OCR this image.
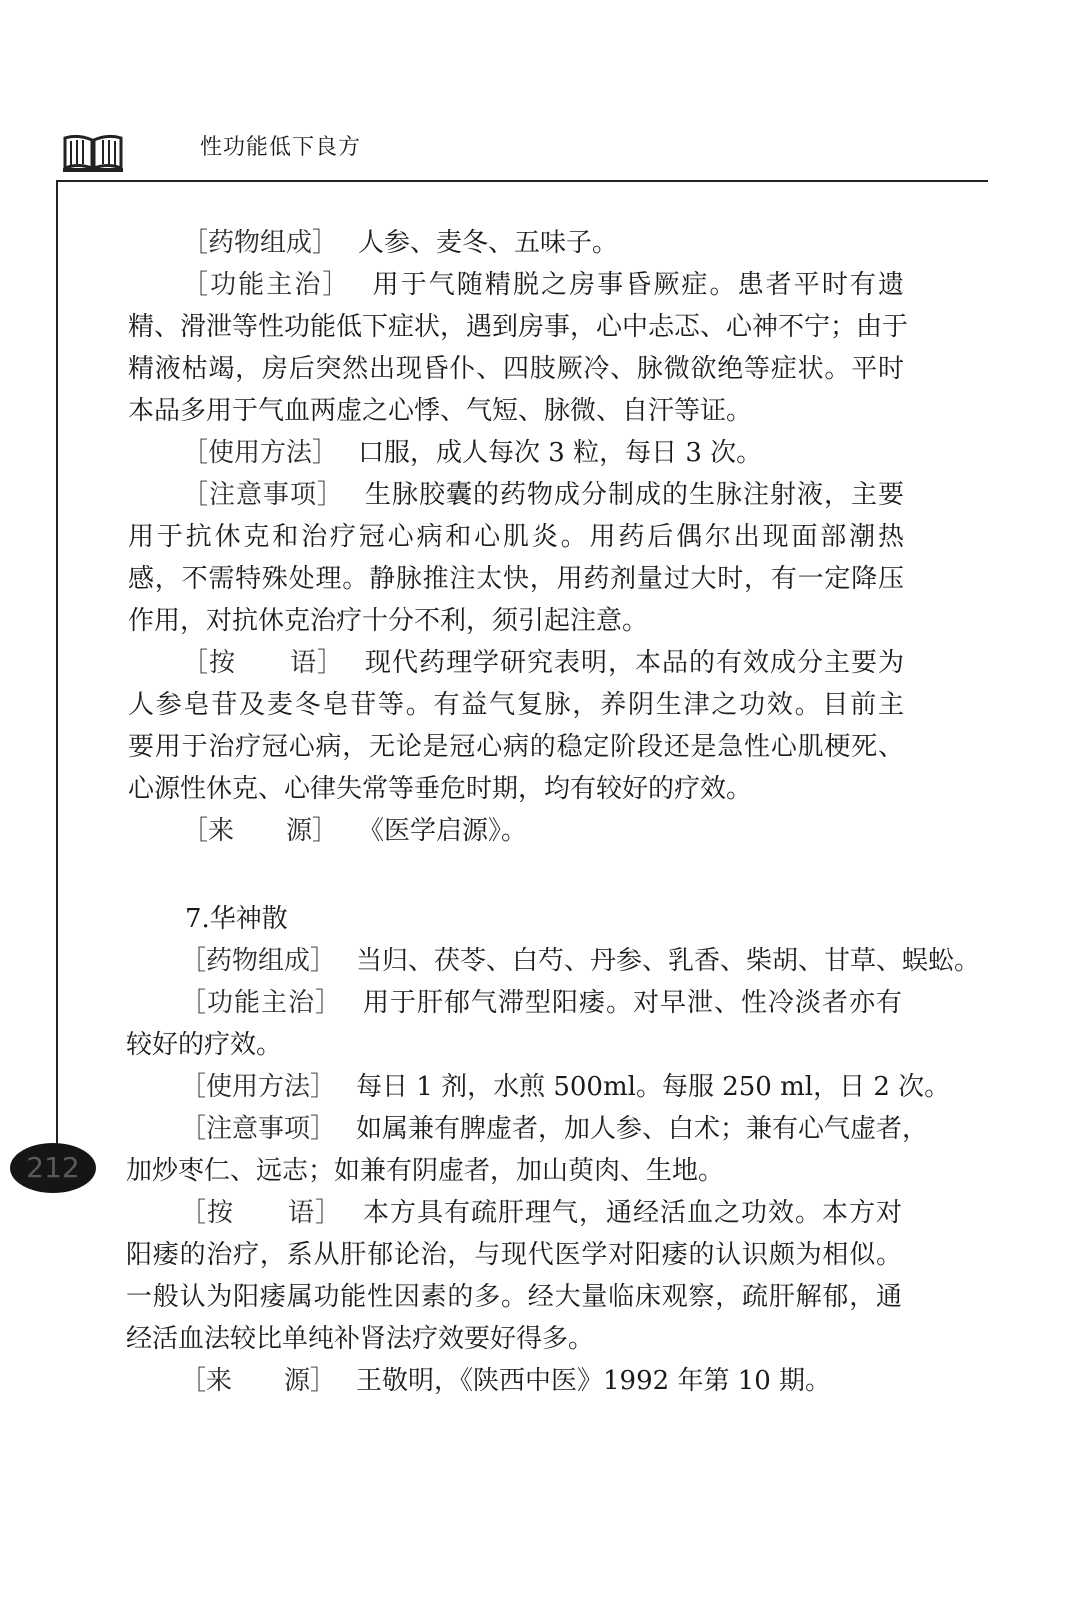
性功能低下良方
212
［药物组成］ 人参、麦冬、五味子。
［功能主治］ 用于气随精脱之房事昏厥症。患者平时有遗
精、滑泄等性功能低下症状，遇到房事，心中忐忑、心神不宁；由于
精液枯竭，房后突然出现昏仆、四肢厥冷、脉微欲绝等症状。平时
本品多用于气血两虚之心悸、气短、脉微、自汗等证。
［使用方法］ 口服，成人每次 3 粒，每日 3 次。
［注意事项］ 生脉胶囊的药物成分制成的生脉注射液，主要
用于抗休克和治疗冠心病和心肌炎。用药后偶尔出现面部潮热
感，不需特殊处理。静脉推注太快，用药剂量过大时，有一定降压
作用，对抗休克治疗十分不利，须引起注意。
［按　　语］ 现代药理学研究表明，本品的有效成分主要为
人参皂苷及麦冬皂苷等。有益气复脉，养阴生津之功效。目前主
要用于治疗冠心病，无论是冠心病的稳定阶段还是急性心肌梗死、
心源性休克、心律失常等垂危时期，均有较好的疗效。
［来　　源］ 《医学启源》。
7.华神散
［药物组成］ 当归、茯苓、白芍、丹参、乳香、柴胡、甘草、蜈蚣。
［功能主治］ 用于肝郁气滞型阳痿。对早泄、性冷淡者亦有
较好的疗效。
［使用方法］ 每日 1 剂，水煎 500ml。每服 250 ml，日 2 次。
［注意事项］ 如属兼有脾虚者，加人参、白术；兼有心气虚者，
加炒枣仁、远志；如兼有阴虚者，加山萸肉、生地。
［按　　语］ 本方具有疏肝理气，通经活血之功效。本方对
阳痿的治疗，系从肝郁论治，与现代医学对阳痿的认识颇为相似。
一般认为阳痿属功能性因素的多。经大量临床观察，疏肝解郁，通
经活血法较比单纯补肾法疗效要好得多。
［来　　源］ 王敬明，《陕西中医》1992 年第 10 期。
